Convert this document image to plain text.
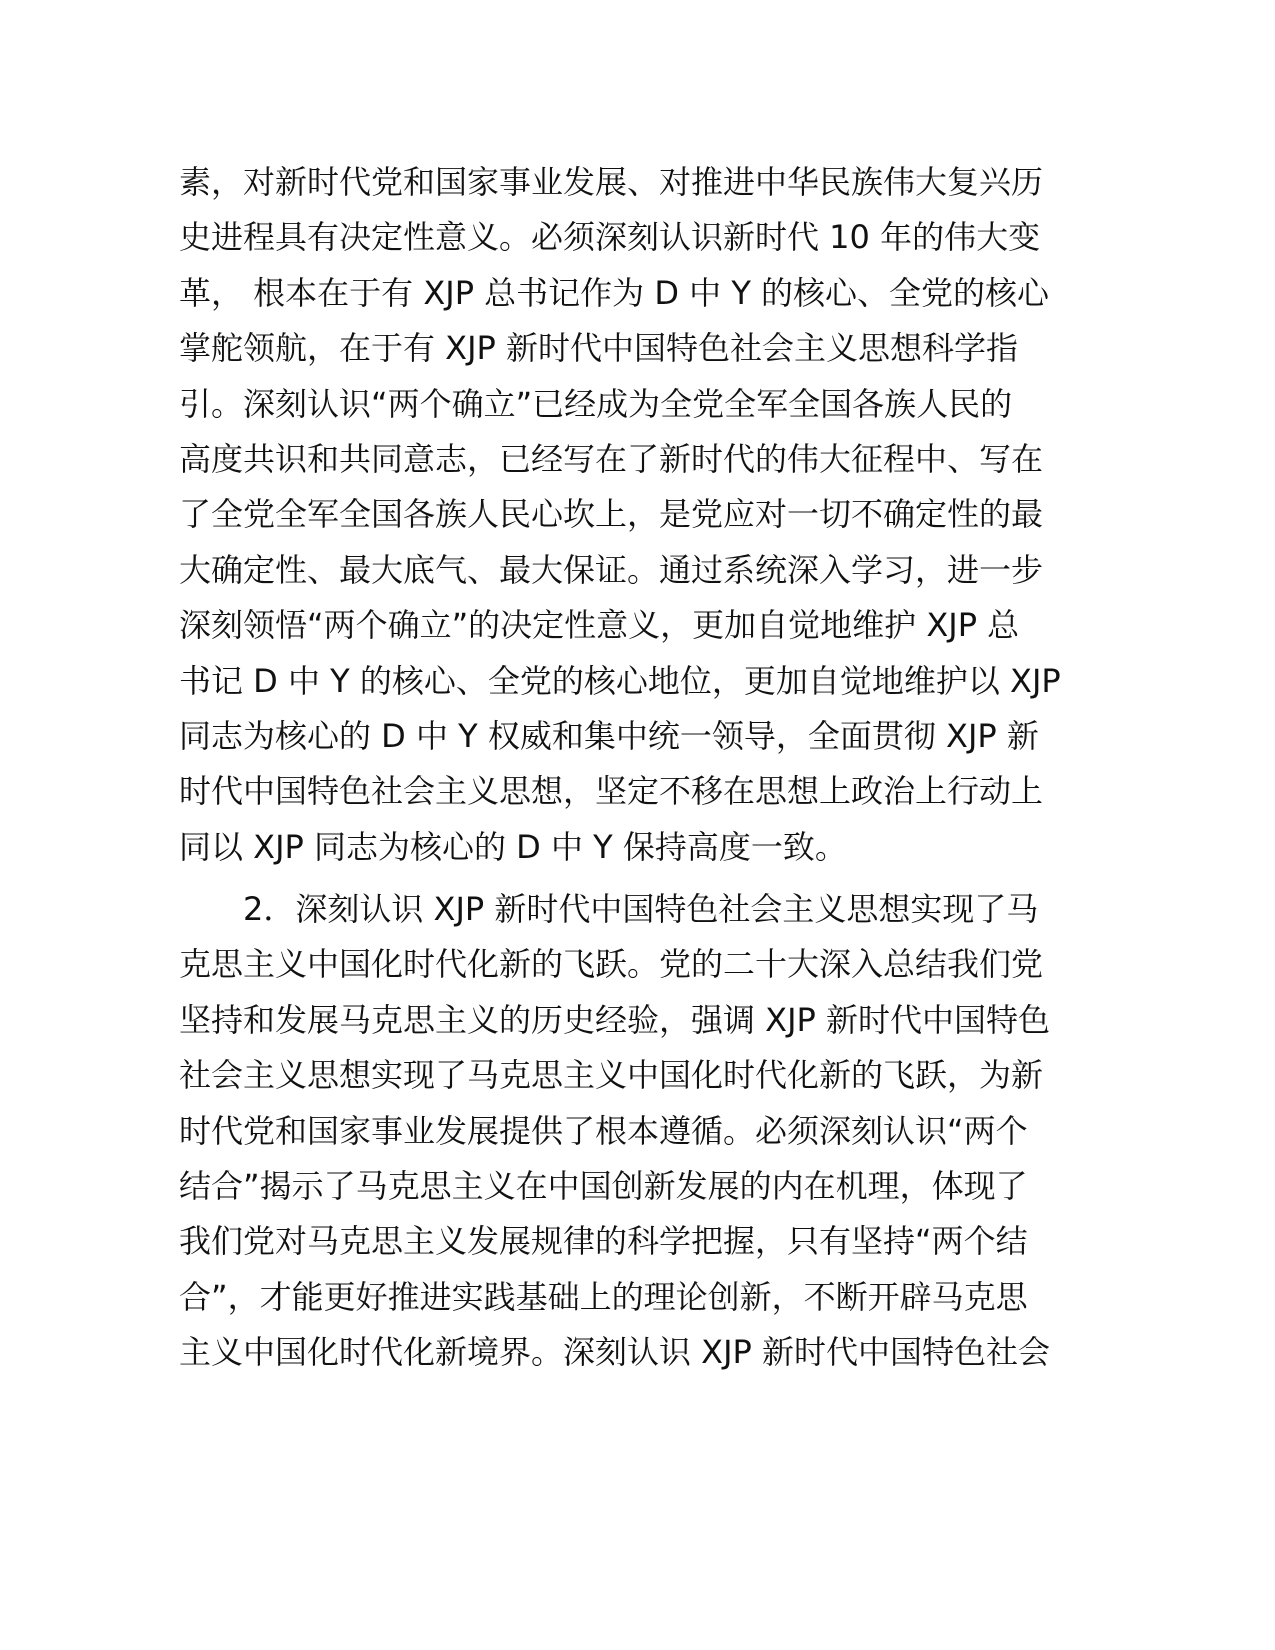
素，对新时代党和国家事业发展、对推进中华民族伟大复兴历
史进程具有决定性意义。必须深刻认识新时代 10 年的伟大变
革， 根本在于有 XJP 总书记作为 D 中 Y 的核心、全党的核心
掌舵领航，在于有 XJP 新时代中国特色社会主义思想科学指
引。深刻认识“两个确立”已经成为全党全军全国各族人民的
高度共识和共同意志，已经写在了新时代的伟大征程中、写在
了全党全军全国各族人民心坎上，是党应对一切不确定性的最
大确定性、最大底气、最大保证。通过系统深入学习，进一步
深刻领悟“两个确立”的决定性意义，更加自觉地维护 XJP 总
书记 D 中 Y 的核心、全党的核心地位，更加自觉地维护以 XJP
同志为核心的 D 中 Y 权威和集中统一领导，全面贯彻 XJP 新
时代中国特色社会主义思想，坚定不移在思想上政治上行动上
同以 XJP 同志为核心的 D 中 Y 保持高度一致。
　　2．深刻认识 XJP 新时代中国特色社会主义思想实现了马
克思主义中国化时代化新的飞跃。党的二十大深入总结我们党
坚持和发展马克思主义的历史经验，强调 XJP 新时代中国特色
社会主义思想实现了马克思主义中国化时代化新的飞跃，为新
时代党和国家事业发展提供了根本遵循。必须深刻认识“两个
结合”揭示了马克思主义在中国创新发展的内在机理，体现了
我们党对马克思主义发展规律的科学把握，只有坚持“两个结
合”，才能更好推进实践基础上的理论创新，不断开辟马克思
主义中国化时代化新境界。深刻认识 XJP 新时代中国特色社会
